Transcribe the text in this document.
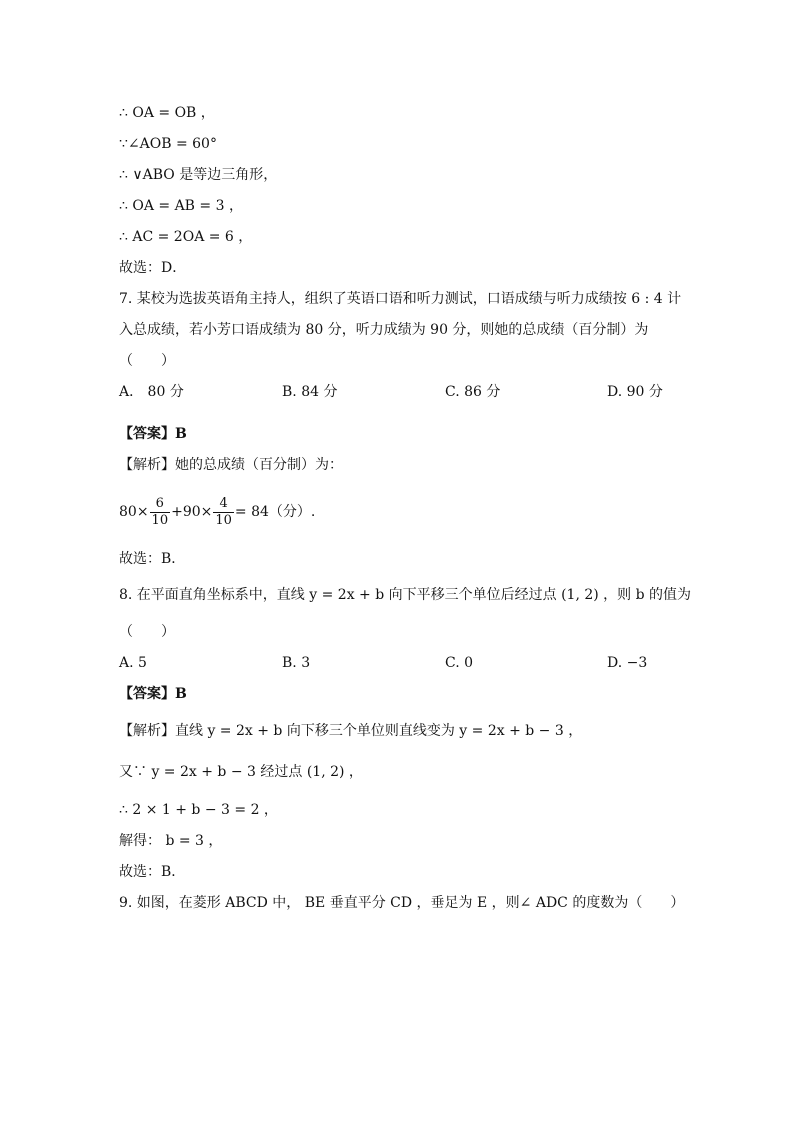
∴ OA = OB ，
∵∠AOB = 60°
∴ ∨ABO 是等边三角形，
∴ OA = AB = 3 ，
∴ AC = 2OA = 6 ，
故选：D．
7. 某校为选拔英语角主持人，组织了英语口语和听力测试，口语成绩与听力成绩按 6 : 4 计
入总成绩，若小芳口语成绩为 80 分，听力成绩为 90 分，则她的总成绩（百分制）为
（　　）
A． 80 分	B. 84 分	C. 86 分	D. 90 分
【答案】B
【解析】她的总成绩（百分制）为：
$80\times \frac{6}{10} +90\times \frac{4}{10} = 84$（分）.
故选：B．
8. 在平面直角坐标系中，直线 y = 2x + b 向下平移三个单位后经过点 (1, 2) ，则 b 的值为
（　　）
A. 5	B. 3	C. 0	D. −3
【答案】B
【解析】直线 y = 2x + b 向下移三个单位则直线变为 y = 2x + b − 3 ，
又∵ y = 2x + b − 3 经过点 (1, 2) ，
∴ 2 × 1 + b − 3 = 2 ，
解得： b = 3 ，
故选：B．
9. 如图，在菱形 ABCD 中， BE 垂直平分 CD ，垂足为 E ，则∠ ADC 的度数为（　　）
